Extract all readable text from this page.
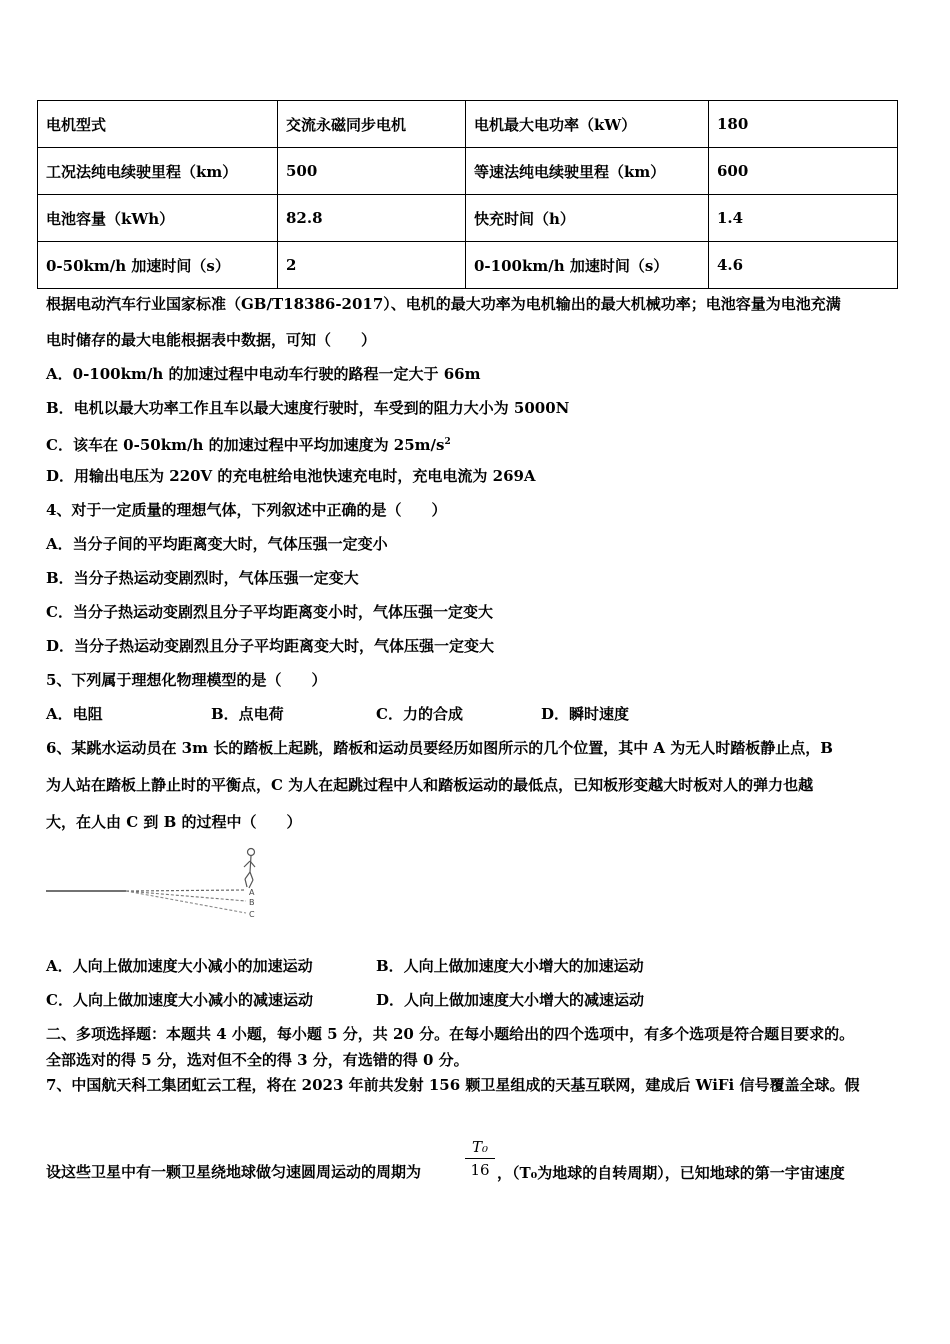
电机型式	交流永磁同步电机	电机最大电功率（kW）	180
工况法纯电续驶里程（km）	500	等速法纯电续驶里程（km）	600
电池容量（kWh）	82.8	快充时间（h）	1.4
0-50km/h 加速时间（s）	2	0-100km/h 加速时间（s）	4.6
根据电动汽车行业国家标准（GB/T18386-2017）、电机的最大功率为电机输出的最大机械功率；电池容量为电池充满
电时储存的最大电能根据表中数据，可知（　　）
A．0-100km/h 的加速过程中电动车行驶的路程一定大于 66m
B．电机以最大功率工作且车以最大速度行驶时，车受到的阻力大小为 5000N
C．该车在 0-50km/h 的加速过程中平均加速度为 $25m/s^2$
D．用输出电压为 220V 的充电桩给电池快速充电时，充电电流为 269A
4、对于一定质量的理想气体，下列叙述中正确的是（　　）
A．当分子间的平均距离变大时，气体压强一定变小
B．当分子热运动变剧烈时，气体压强一定变大
C．当分子热运动变剧烈且分子平均距离变小时，气体压强一定变大
D．当分子热运动变剧烈且分子平均距离变大时，气体压强一定变大
5、下列属于理想化物理模型的是（　　）
A．电阻	B．点电荷	C．力的合成	D．瞬时速度
6、某跳水运动员在 3m 长的踏板上起跳，踏板和运动员要经历如图所示的几个位置，其中 A 为无人时踏板静止点，B
为人站在踏板上静止时的平衡点，C 为人在起跳过程中人和踏板运动的最低点，已知板形变越大时板对人的弹力也越
大，在人由 C 到 B 的过程中（　　）
A
B
C
A．人向上做加速度大小减小的加速运动	B．人向上做加速度大小增大的加速运动
C．人向上做加速度大小减小的减速运动	D．人向上做加速度大小增大的减速运动
二、多项选择题：本题共 4 小题，每小题 5 分，共 20 分。在每小题给出的四个选项中，有多个选项是符合题目要求的。
全部选对的得 5 分，选对但不全的得 3 分，有选错的得 0 分。
7、中国航天科工集团虹云工程，将在 2023 年前共发射 156 颗卫星组成的天基互联网，建成后 WiFi 信号覆盖全球。假
设这些卫星中有一颗卫星绕地球做匀速圆周运动的周期为
T₀
16 ，（T₀为地球的自转周期），已知地球的第一宇宙速度
